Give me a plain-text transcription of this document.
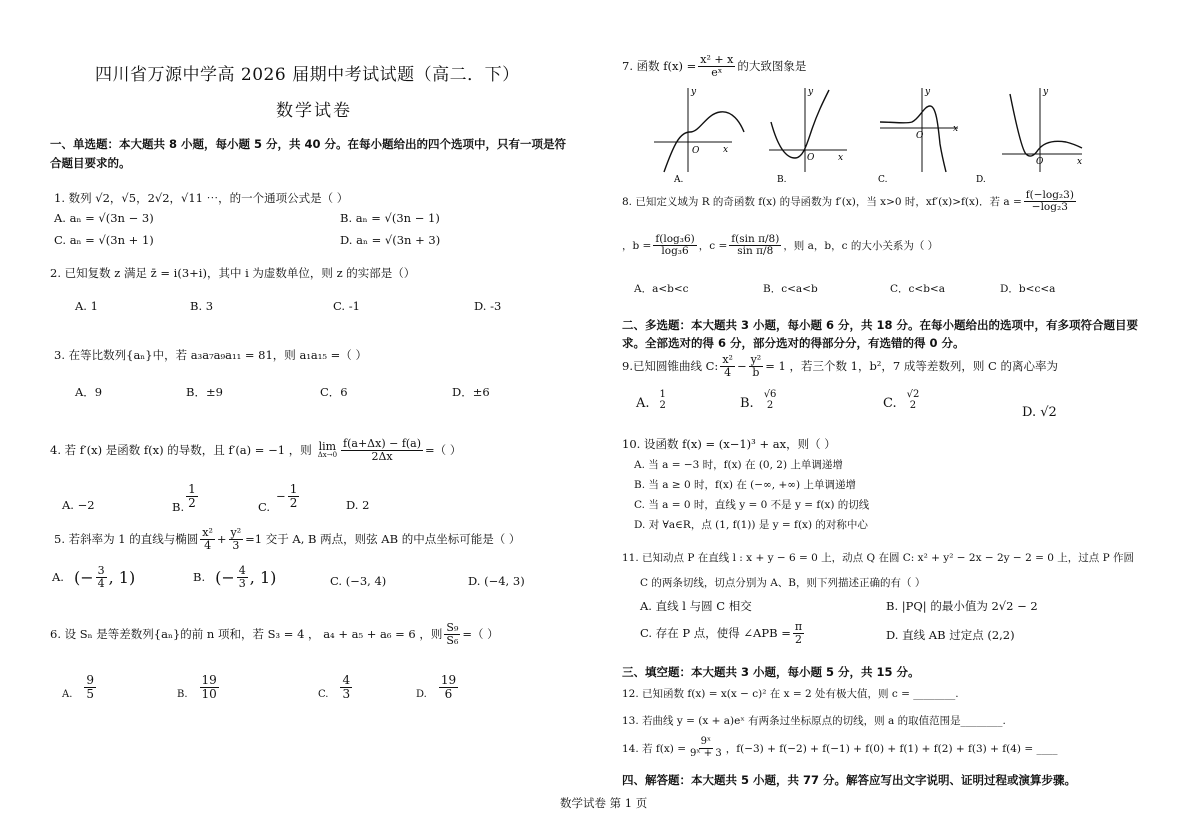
四川省万源中学高 2026 届期中考试试题（高二．下）
数学试卷
一、单选题：本大题共 8 小题，每小题 5 分，共 40 分。在每小题给出的四个选项中，只有一项是符
合题目要求的。
1. 数列 √2，√5，2√2，√11 ⋯，的一个通项公式是（ ）
A. aₙ = √(3n − 3)	B. aₙ = √(3n − 1)
C. aₙ = √(3n + 1)	D. aₙ = √(3n + 3)
2. 已知复数 z 满足 z̄ = i(3+i)，其中 i 为虚数单位，则 z 的实部是（）
A. 1	B. 3	C. -1	D. -3
3. 在等比数列{aₙ}中，若 a₃a₇a₉a₁₁ = 81，则 a₁a₁₅ =（ ）
A．9	B．±9	C．6	D．±6
4. 若 f′(x) 是函数 f(x) 的导数，且 f′(a) = −1 ，则 lim
$\Delta x\to 0 \frac{f(a+\Delta x) - f(a)}{2\Delta x}$ =（ ）
A. −2	B. $\frac{1}{2}$	C.
− $\frac{1}{2}$	D. 2
5. 若斜率为 1 的直线与椭圆 $\frac{\text{x²}}{4} + \frac{\text{y²}}{3} =1$ 交于 A, B 两点，则弦 AB 的中点坐标可能是（ ）
A. (− $\frac{3}{4}$ , 1)	B. (− $\frac{4}{3}$ , 1)	C. (−3, 4)	D. (−4, 3)
6. 设 Sₙ 是等差数列{aₙ}的前 n 项和，若 S₃ = 4 ， a₄ + a₅ + a₆ = 6 ，则 $\frac{\text{S₉}}{\text{S₆}}$ =（ ）
A. $\frac{9}{5}$	B. $\frac{19}{10}$	C. $\frac{4}{3}$	D. $\frac{19}{6}$
7. 函数 $f(x) = \frac{\text{x² + x}}{\text{eˣ}}$ 的大致图象是
y
x
O
A.
y
x
O
B.
y
x
O
C.
y
x
O
D.
8. 已知定义域为 R 的奇函数 f(x) 的导函数为 f′(x)，当 x>0 时，xf′(x)>f(x)．若 $a = \frac{\text{f(−log₂3)}}{\text{−log₂3}}$
，$b = \frac{\text{f(log₃6)}}{\text{log₃6}}$ ，$c = \frac{\text{f(sin π/8)}}{\text{sin π/8}}$ ，则 a，b，c 的大小关系为（ ）
A．a<b<c	B．c<a<b	C．c<b<a	D．b<c<a
二、多选题：本大题共 3 小题，每小题 6 分，共 18 分。在每小题给出的选项中，有多项符合题目要
求。全部选对的得 6 分，部分选对的得部分分，有选错的得 0 分。
9.已知圆锥曲线 C: $\frac{\text{x²}}{4} - \frac{\text{y²}}{b} = 1$ ，若三个数 1，b²，7 成等差数列，则 C 的离心率为
A.
1
2	B.
√6
2	C.
√2
2	D. √2
10. 设函数 f(x) = (x−1)³ + ax，则（ ）
A. 当 a = −3 时，f(x) 在 (0, 2) 上单调递增
B. 当 a ≥ 0 时，f(x) 在 (−∞, +∞) 上单调递增
C. 当 a = 0 时，直线 y = 0 不是 y = f(x) 的切线
D. 对 ∀a∈R，点 (1, f(1)) 是 y = f(x) 的对称中心
11. 已知动点 P 在直线 l : x + y − 6 = 0 上，动点 Q 在圆 C: x² + y² − 2x − 2y − 2 = 0 上，过点 P 作圆
C 的两条切线，切点分别为 A、B，则下列描述正确的有（ ）
A. 直线 l 与圆 C 相交	B. |PQ| 的最小值为 2√2 − 2
C. 存在 P 点，使得 ∠APB = $\frac{\pi}{2}$	D. 直线 AB 过定点 (2,2)
三、填空题：本大题共 3 小题，每小题 5 分，共 15 分。
12. 已知函数 f(x) = x(x − c)² 在 x = 2 处有极大值，则 c = ________.
13. 若曲线 y = (x + a)eˣ 有两条过坐标原点的切线，则 a 的取值范围是________.
14. 若 $f(x) = \frac{\text{9ˣ}}{\text{9ˣ + 3}}$ ，f(−3) + f(−2) + f(−1) + f(0) + f(1) + f(2) + f(3) + f(4) = ____
四、解答题：本大题共 5 小题，共 77 分。解答应写出文字说明、证明过程或演算步骤。
数学试卷 第 1 页
